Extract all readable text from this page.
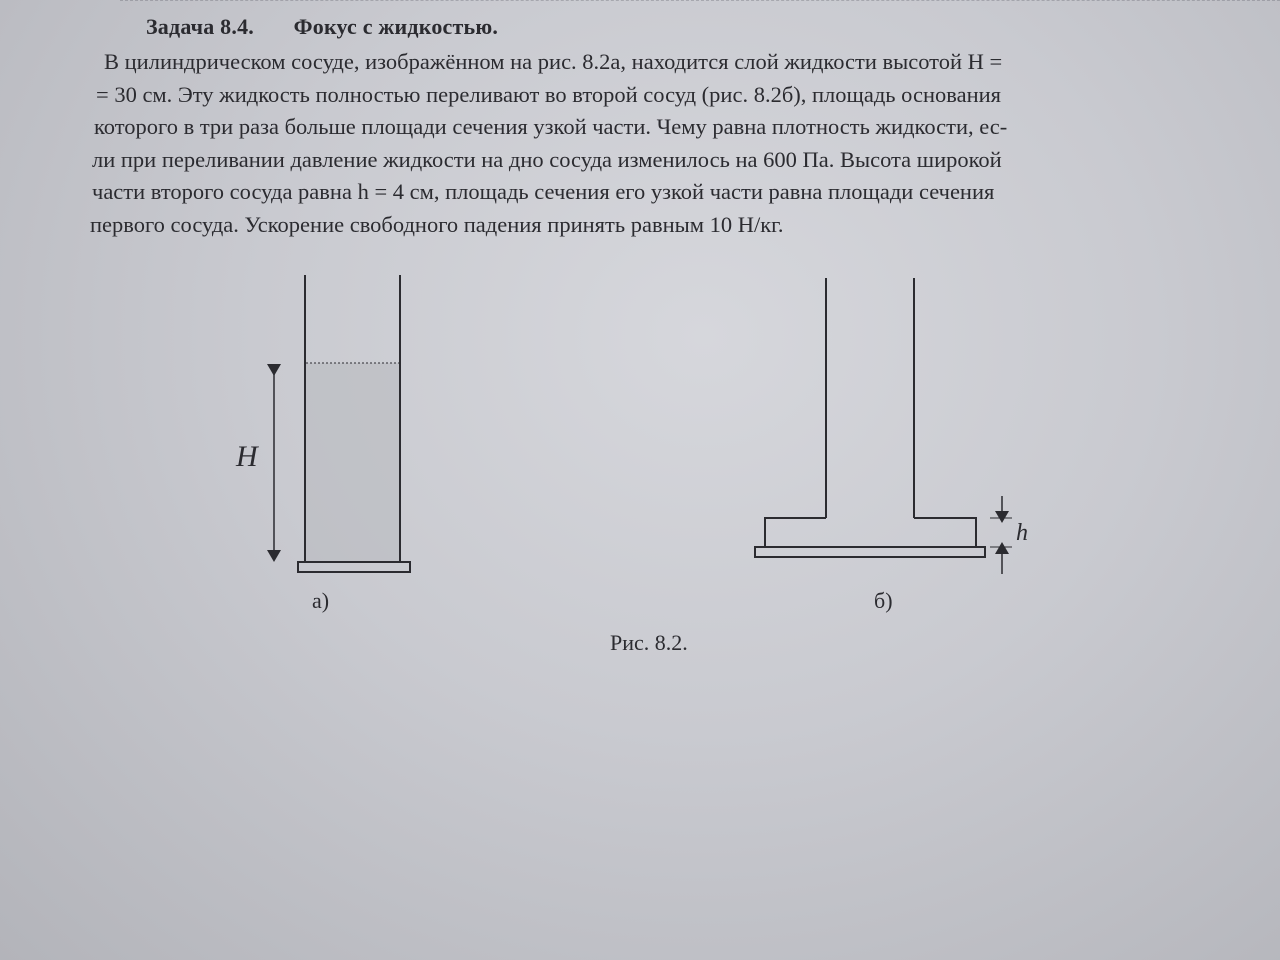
Задача 8.4. Фокус с жидкостью.
В цилиндрическом сосуде, изображённом на рис. 8.2а, находится слой жидкости высотой H =
= 30 см. Эту жидкость полностью переливают во второй сосуд (рис. 8.2б), площадь основания
которого в три раза больше площади сечения узкой части. Чему равна плотность жидкости, ес-
ли при переливании давление жидкости на дно сосуда изменилось на 600 Па. Высота широкой
части второго сосуда равна h = 4 см, площадь сечения его узкой части равна площади сечения
первого сосуда. Ускорение свободного падения принять равным 10 Н/кг.
H
h
а)	б)
Рис. 8.2.
